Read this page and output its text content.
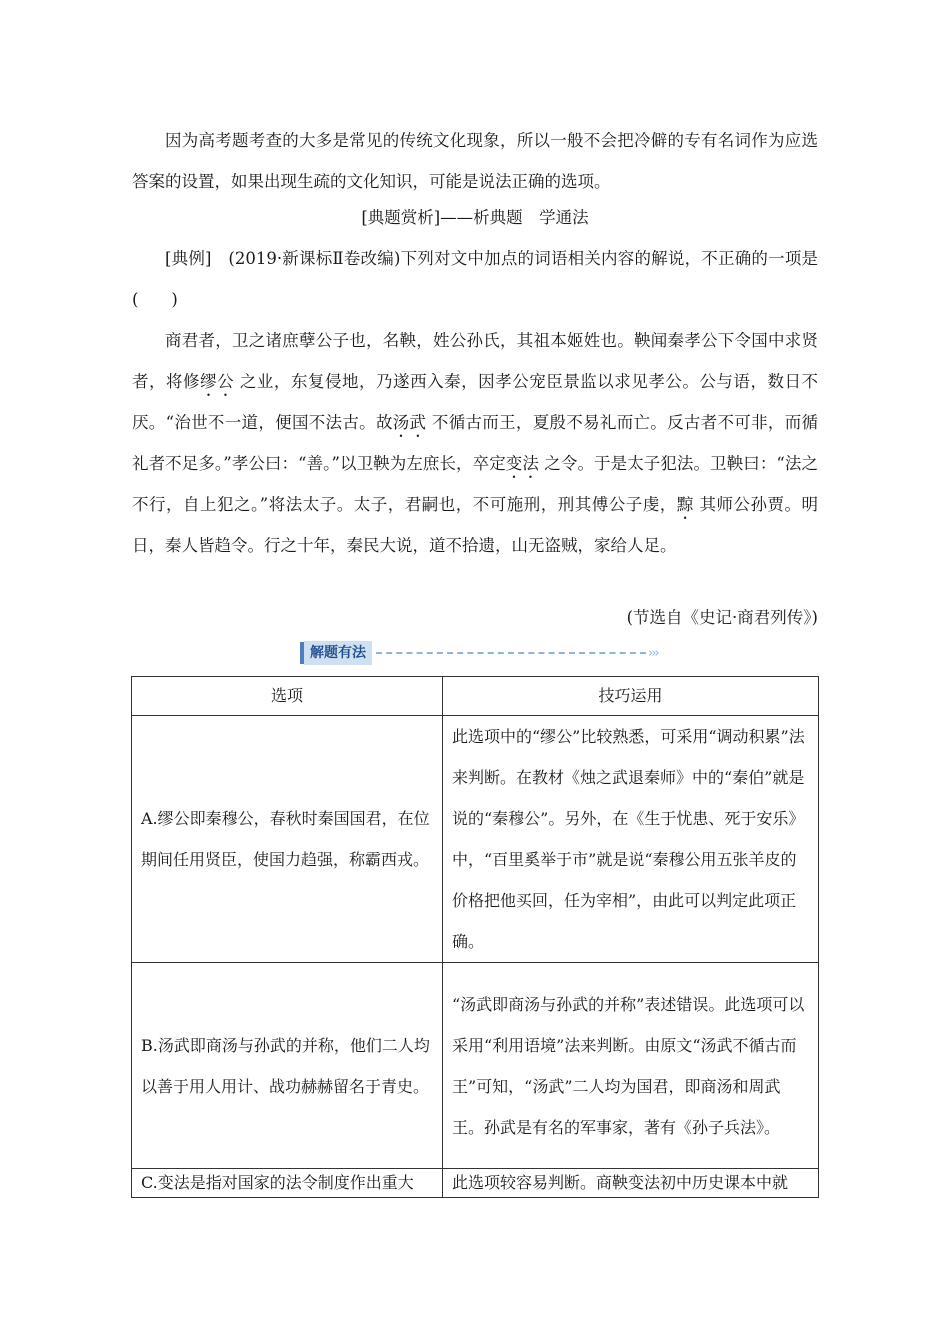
因为高考题考查的大多是常见的传统文化现象，所以一般不会把冷僻的专有名词作为应选答案的设置，如果出现生疏的文化知识，可能是说法正确的选项。

[典题赏析]——析典题　学通法

[典例]　 (2019·新课标Ⅱ卷改编)下列对文中加点的词语相关内容的解说，不正确的一项是(　　)

商君者，卫之诸庶孽公子也，名鞅，姓公孙氏，其祖本姬姓也。鞅闻秦孝公下令国中求贤者，将修缪公 之业，东复侵地，乃遂西入秦，因孝公宠臣景监以求见孝公。公与语，数日不厌。“治世不一道，便国不法古。故汤武 不循古而王，夏殷不易礼而亡。反古者不可非，而循礼者不足多。”孝公曰：“善。”以卫鞅为左庶长，卒定变法 之令。于是太子犯法。卫鞅曰：“法之不行，自上犯之。”将法太子。太子，君嗣也，不可施刑，刑其傅公子虔，黥 其师公孙贾。明日，秦人皆趋令。行之十年，秦民大说，道不拾遗，山无盗贼，家给人足。

(节选自《史记·商君列传》)
解题有法	›››
选项	技巧运用
A.缪公即秦穆公，春秋时秦国国君，在位期间任用贤臣，使国力趋强，称霸西戎。	此选项中的“缪公”比较熟悉，可采用“调动积累”法来判断。在教材《烛之武退秦师》中的“秦伯”就是说的“秦穆公”。另外，在《生于忧患、死于安乐》中，“百里奚举于市”就是说“秦穆公用五张羊皮的价格把他买回，任为宰相”，由此可以判定此项正确。
B.汤武即商汤与孙武的并称，他们二人均以善于用人用计、战功赫赫留名于青史。	“汤武即商汤与孙武的并称”表述错误。此选项可以采用“利用语境”法来判断。由原文“汤武不循古而王”可知，“汤武”二人均为国君，即商汤和周武王。孙武是有名的军事家，著有《孙子兵法》。
C.变法是指对国家的法令制度作出重大	此选项较容易判断。商鞅变法初中历史课本中就
